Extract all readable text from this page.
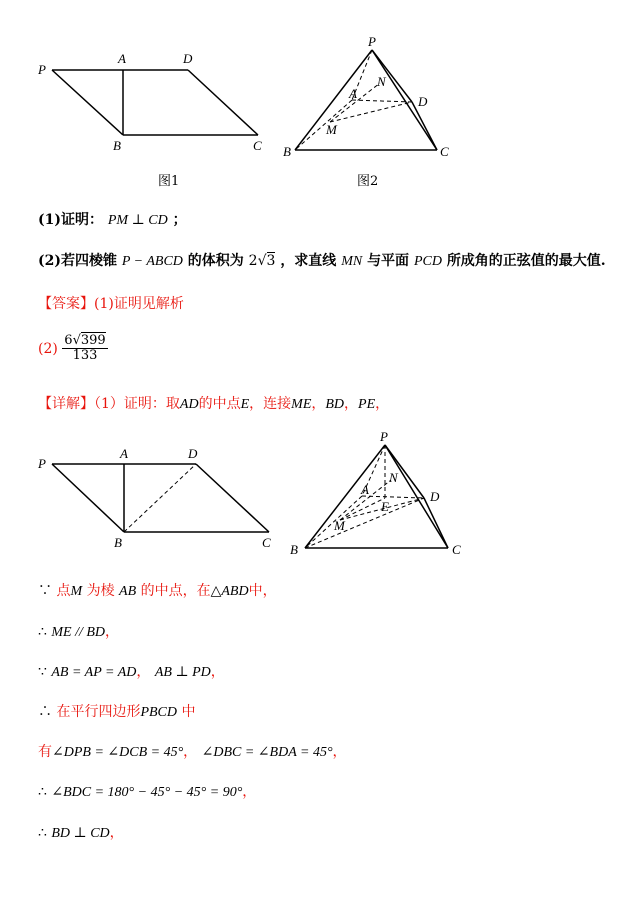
P
A	D
B	C
P
N
A
D
M
B	C
P
A	D
B	C
P
N
A	D
E
M
B	C
图1	图2
(1)证明： PM ⊥ CD ；
(2)若四棱锥 P − ABCD 的体积为 2√3 ，求直线 MN 与平面 PCD 所成角的正弦值的最大值.
【答案】(1)证明见解析
$(2) \frac{6√399}{133}$
【详解】（1）证明：取AD的中点E，连接ME，BD，PE，
∵ 点M 为棱 AB 的中点，在△ABD中，
∴ ME // BD，
∵ AB = AP = AD， AB ⊥ PD，
∴ 在平行四边形PBCD 中
有∠DPB = ∠DCB = 45°， ∠DBC = ∠BDA = 45°，
∴ ∠BDC = 180° − 45° − 45° = 90°，
∴ BD ⊥ CD，
